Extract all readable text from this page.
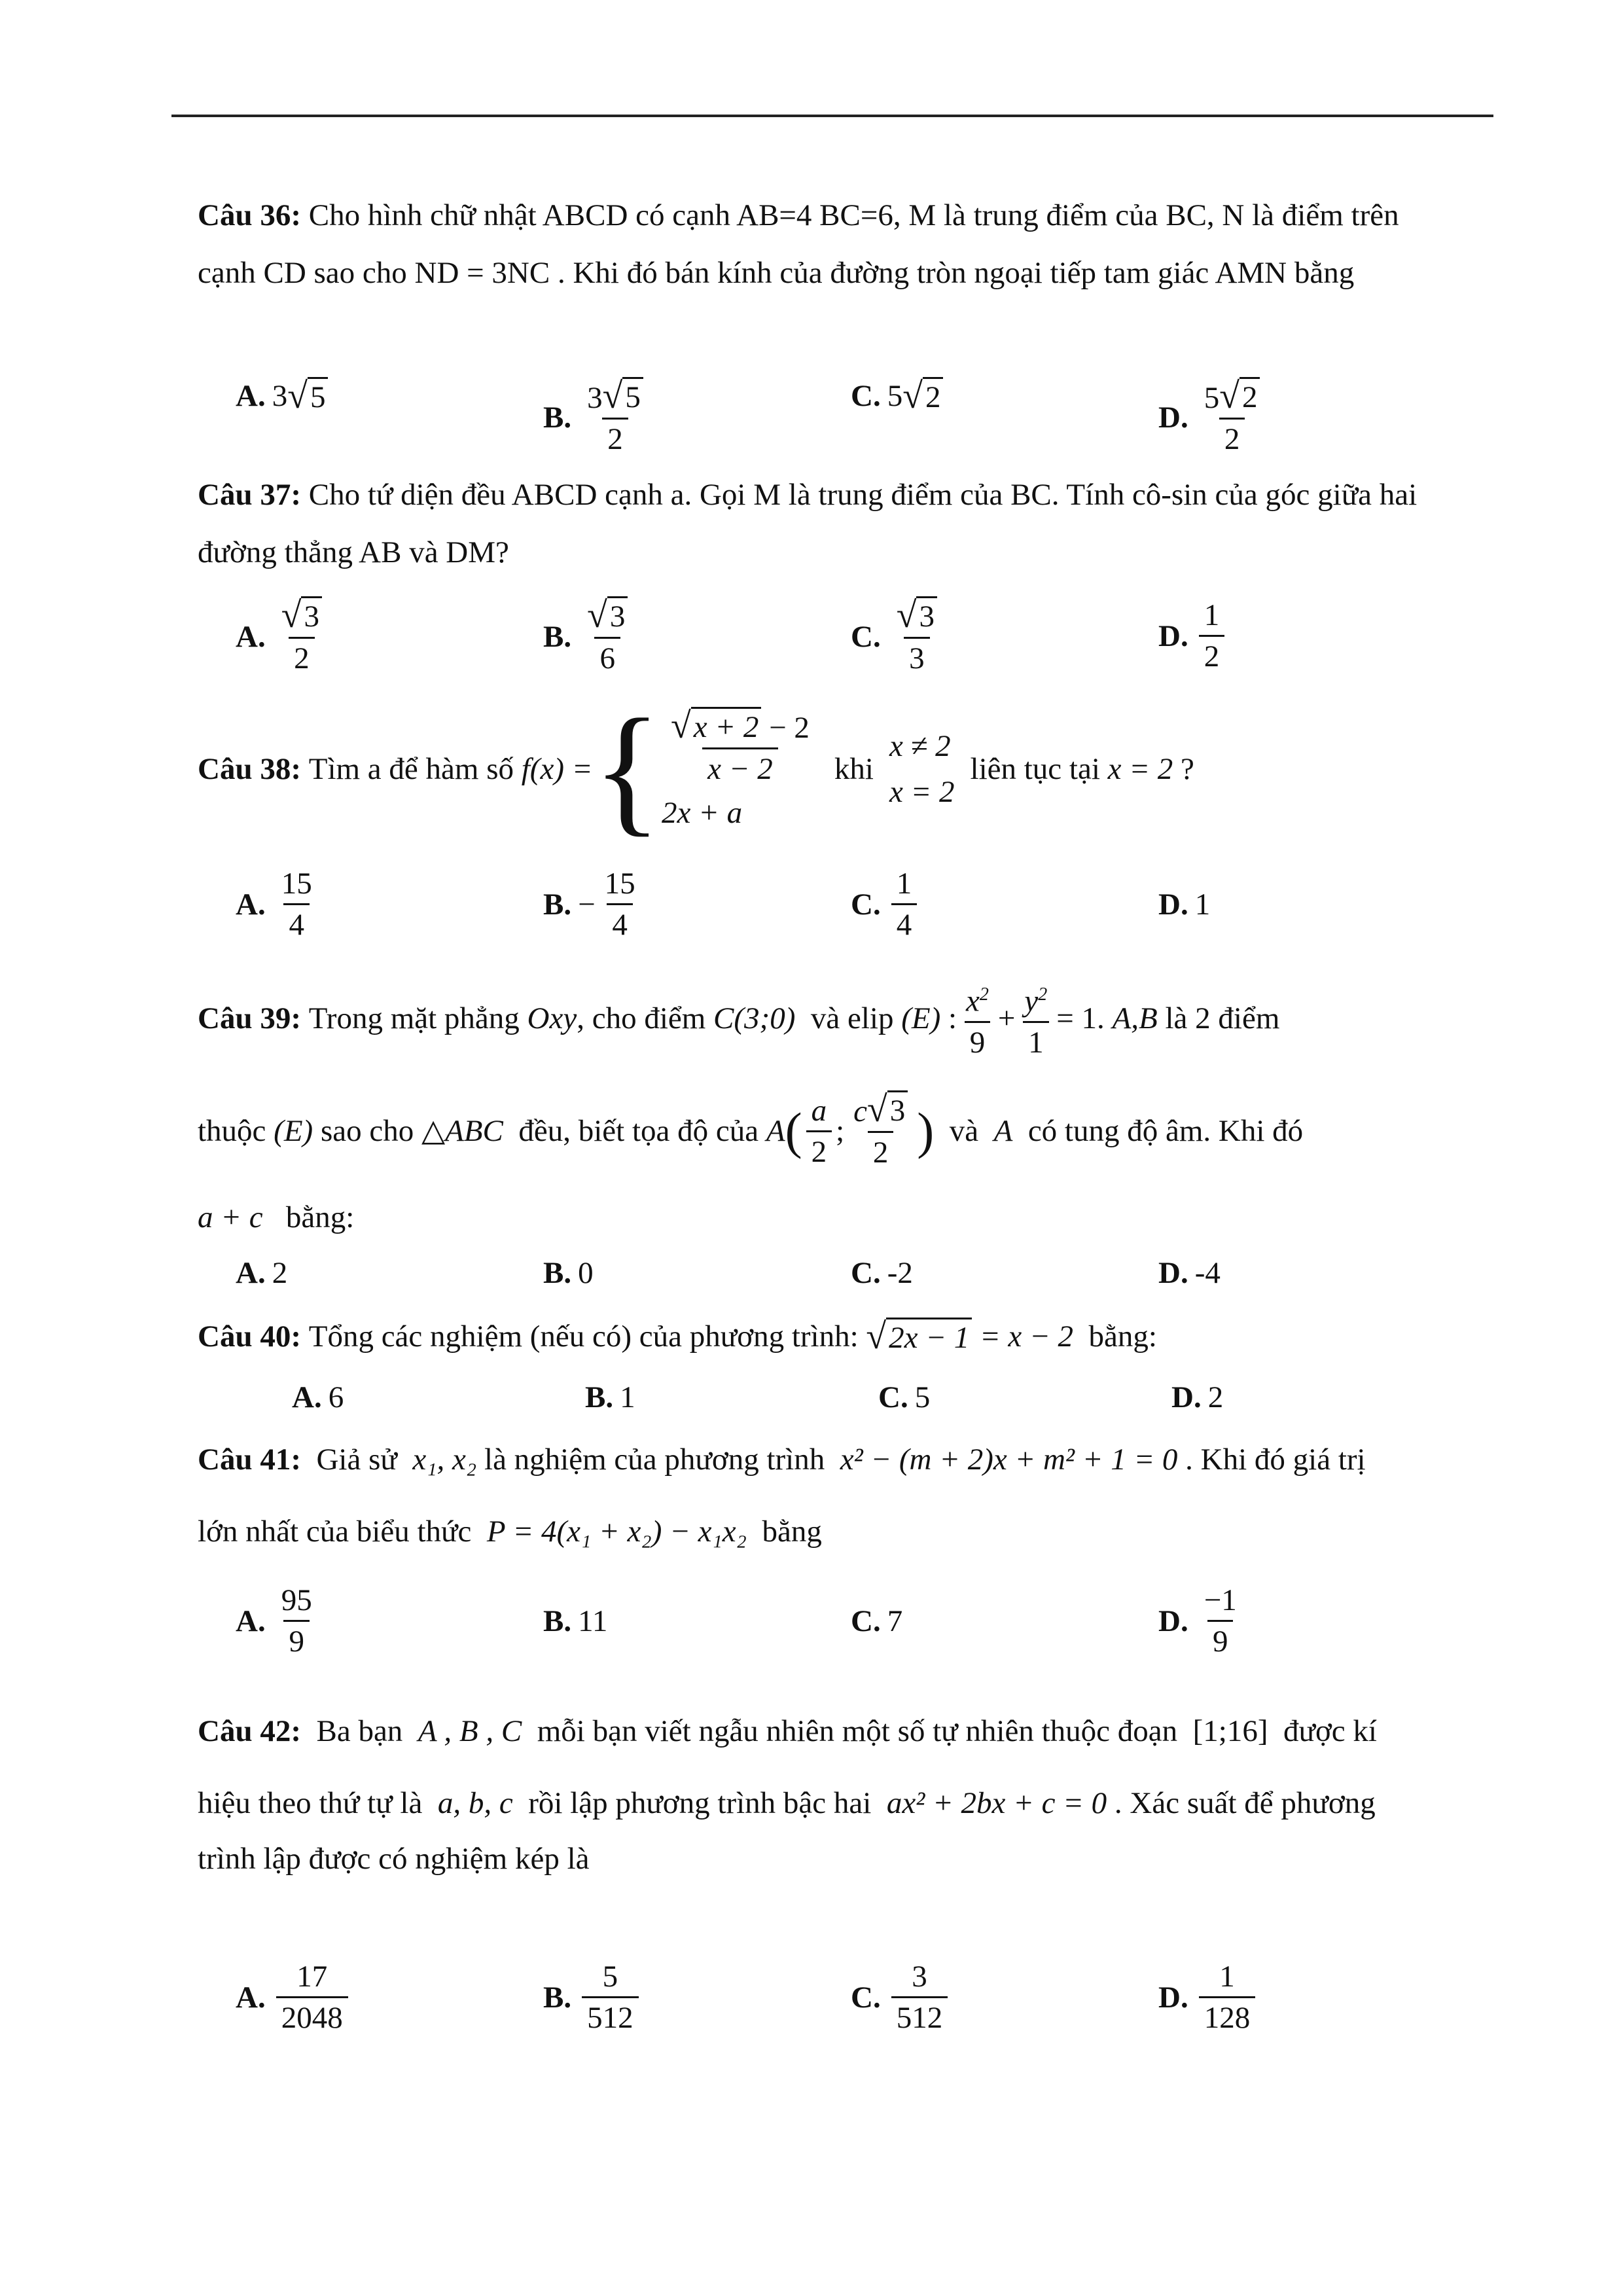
Câu 36: Cho hình chữ nhật ABCD có cạnh AB=4 BC=6, M là trung điểm của BC, N là điểm trên cạnh CD sao cho ND = 3NC . Khi đó bán kính của đường tròn ngoại tiếp tam giác AMN bằng
A. 3 √ 5
B. $\frac{3 √ 5}{2}$	C. 5 √ 2
D. $\frac{5 √ 2}{2}$
Câu 37: Cho tứ diện đều ABCD cạnh a. Gọi M là trung điểm của BC. Tính cô-sin của góc giữa hai đường thẳng AB và DM?
A. $\frac{√ 3}{2}$	B. $\frac{√ 3}{6}$	C. $\frac{√ 3}{3}$	D. $\frac{1}{2}$
Câu 38:
Tìm a để hàm số
f(x) = { $\frac{√ x + 2 - 2}{x - 2}$
2x + a
khi
x ≠ 2
x = 2
liên tục tại
x = 2
?
A. $\frac{15}{4}$	B. − $\frac{15}{4}$	C. $\frac{1}{4}$	D. 1
Câu 39:
Trong mặt phẳng
Oxy , cho điểm
C(3;0)
và elip
(E)
: $\frac{x^2}{9} + \frac{y^2}{1} = 1$.
A,B
là 2 điểm
thuộc
(E)
sao cho
△ABC
đều, biết tọa độ của
A ( $\frac{a}{2}$ ; $\frac{c √ 3}{2}$ )
và
A
có tung độ âm. Khi đó
a + c bằng:
A. 2	B. 0	C. -2	D. -4
Câu 40:
Tổng các nghiệm (nếu có) của phương trình:
√ 2x − 1
= x − 2
bằng:
A. 6	B. 1	C. 5	D. 2
Câu 41: Giả sử x₁, x₂ là nghiệm của phương trình x² − (m + 2)x + m² + 1 = 0 . Khi đó giá trị
lớn nhất của biểu thức P = 4(x₁ + x₂) − x₁x₂ bằng
A. $\frac{95}{9}$	B. 11	C. 7	D. $\frac{-1}{9}$
Câu 42: Ba bạn A , B , C mỗi bạn viết ngẫu nhiên một số tự nhiên thuộc đoạn [1;16] được kí
hiệu theo thứ tự là a, b, c rồi lập phương trình bậc hai ax² + 2bx + c = 0 . Xác suất để phương
trình lập được có nghiệm kép là
A. $\frac{17}{2048}$	B. $\frac{5}{512}$	C. $\frac{3}{512}$	D. $\frac{1}{128}$
